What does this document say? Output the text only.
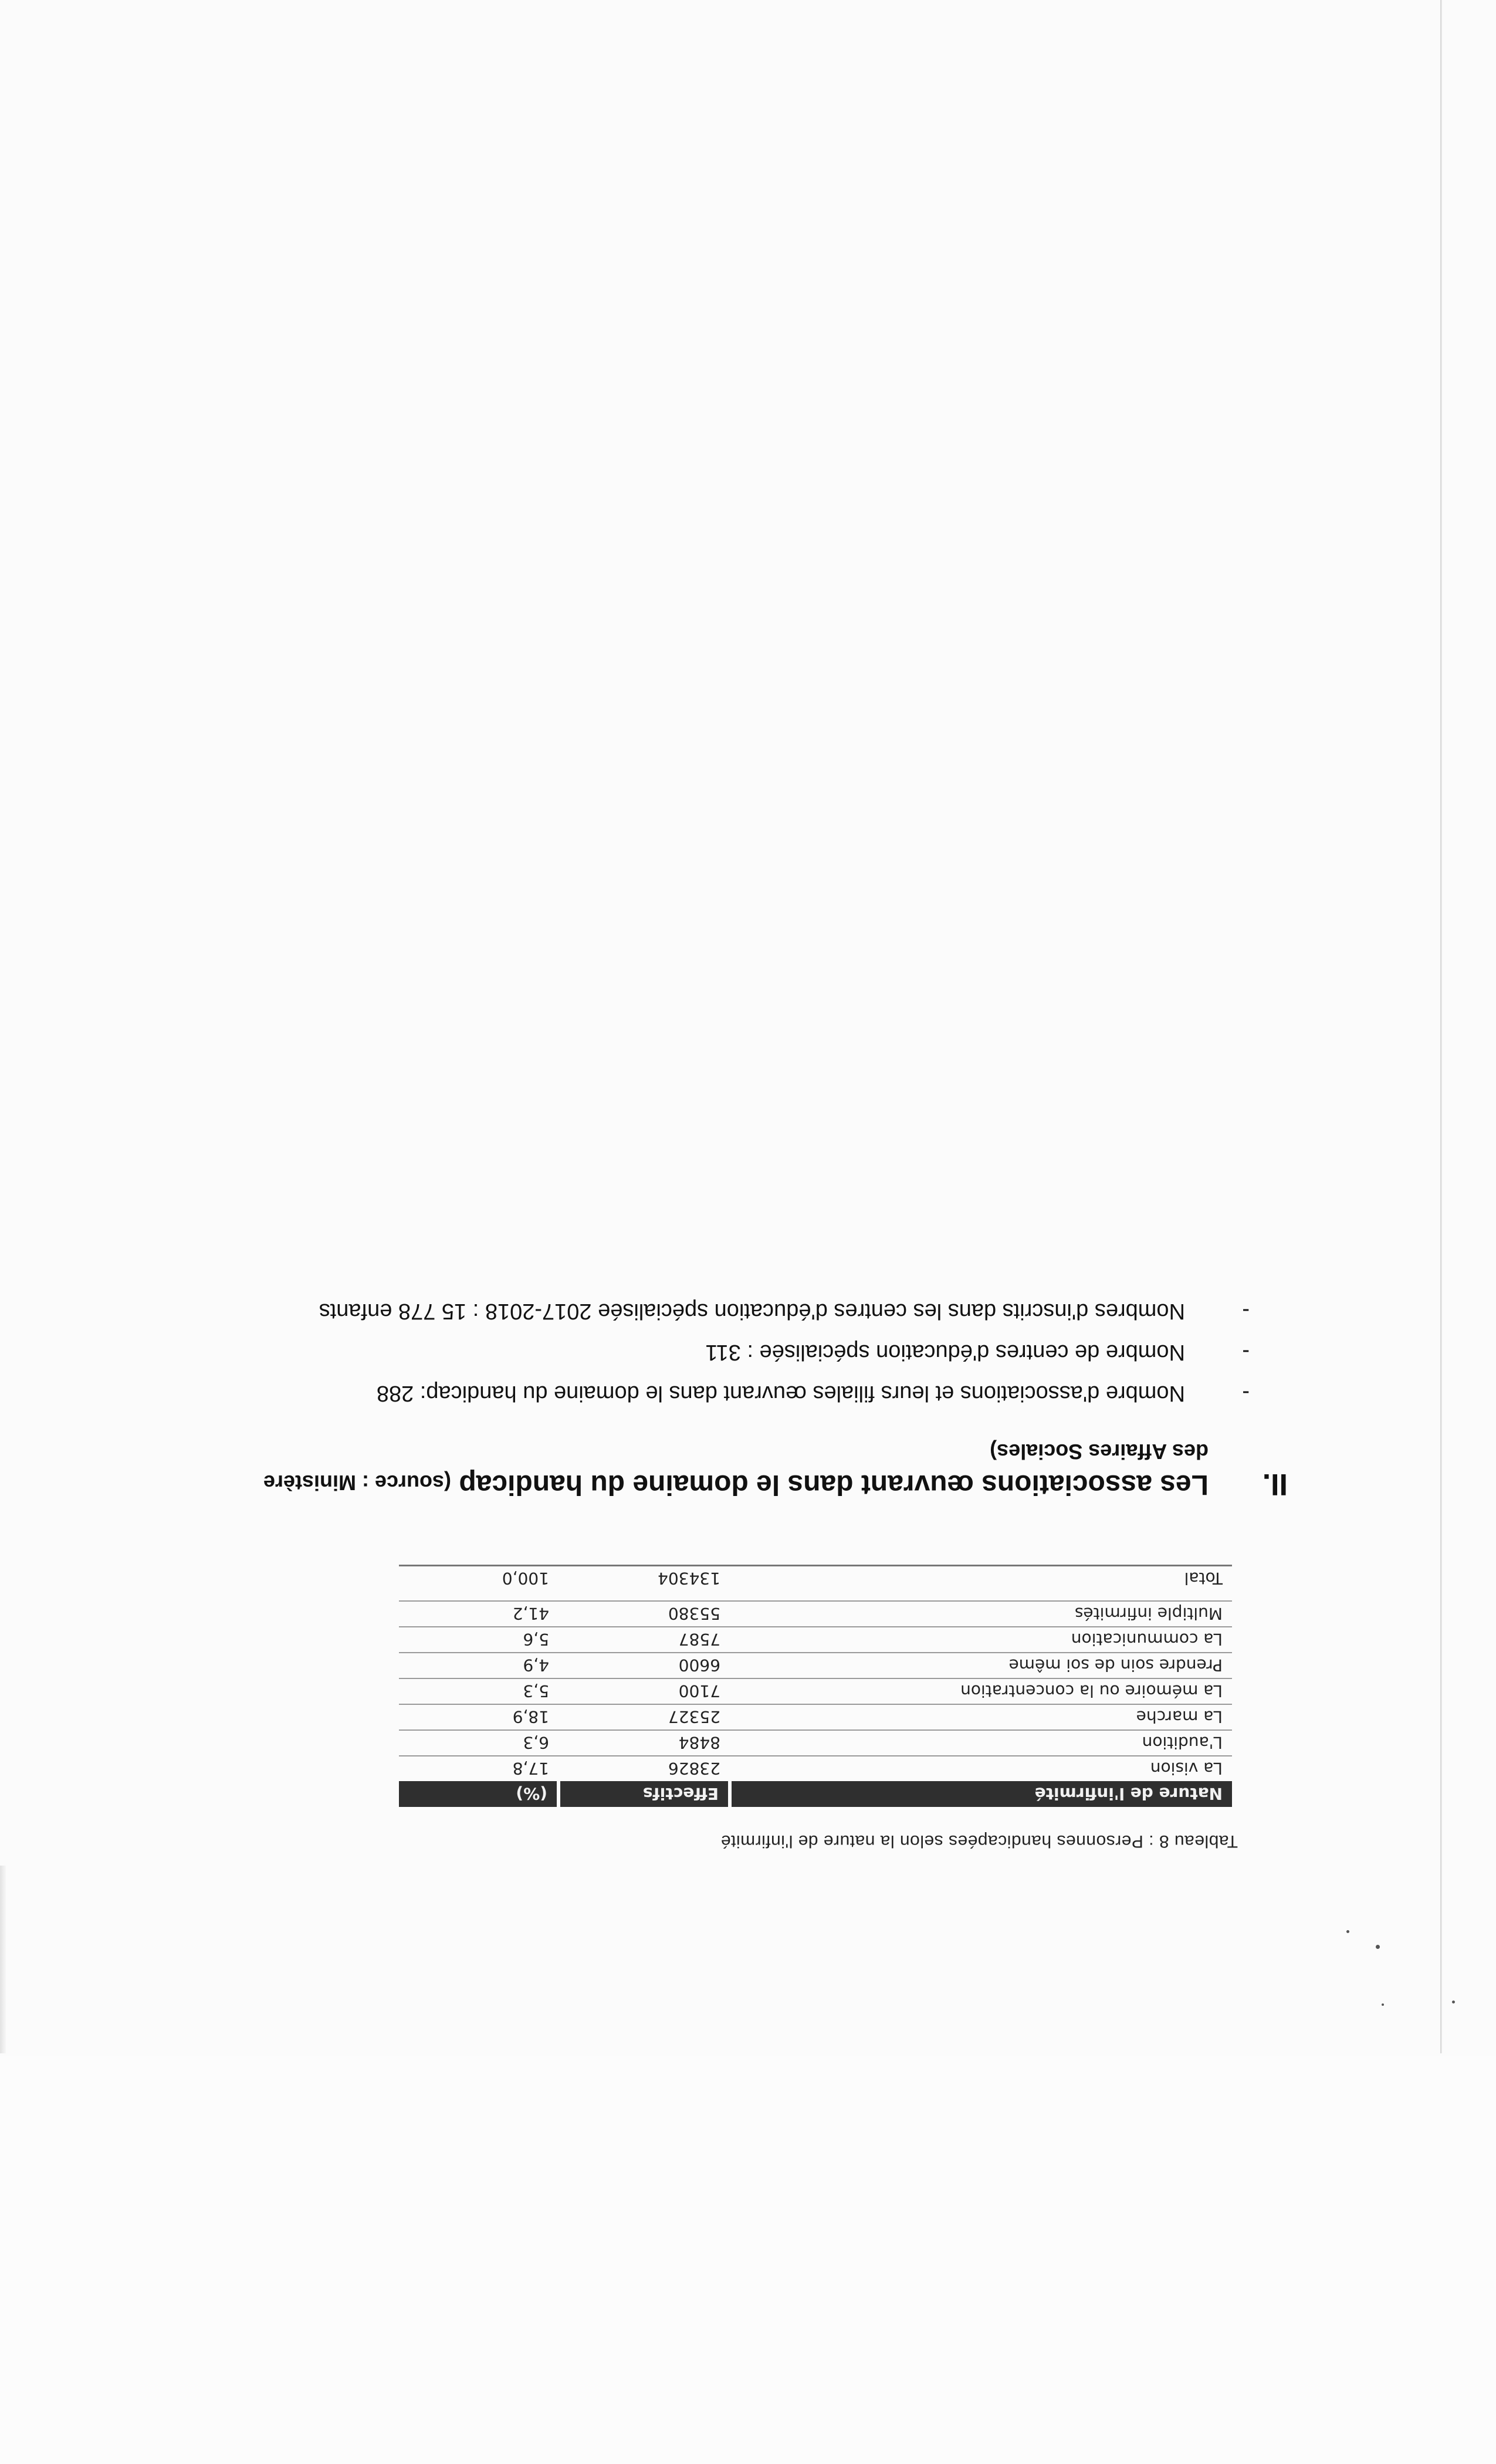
Tableau 8 : Personnes handicapées selon la nature de l'infirmité
Nature de l'infirmité	Effectifs	(%)
La vision	23826	17,8
L'audition	8484	6,3
La marche	25327	18,9
La mémoire ou la concentration	7100	5,3
Prendre soin de soi même	6600	4,9
La communication	7587	5,6
Multiple infirmités	55380	41,2
Total	134304	100,0
II.
Les associations œuvrant dans le domaine du handicap (source : Ministère
des Affaires Sociales)
-
Nombre d'associations et leurs filiales œuvrant dans le domaine du handicap: 288
-
Nombre de centres d'éducation spécialisée : 311
-
Nombres d'inscrits dans les centres d'éducation spécialisée 2017-2018 : 15 778 enfants
